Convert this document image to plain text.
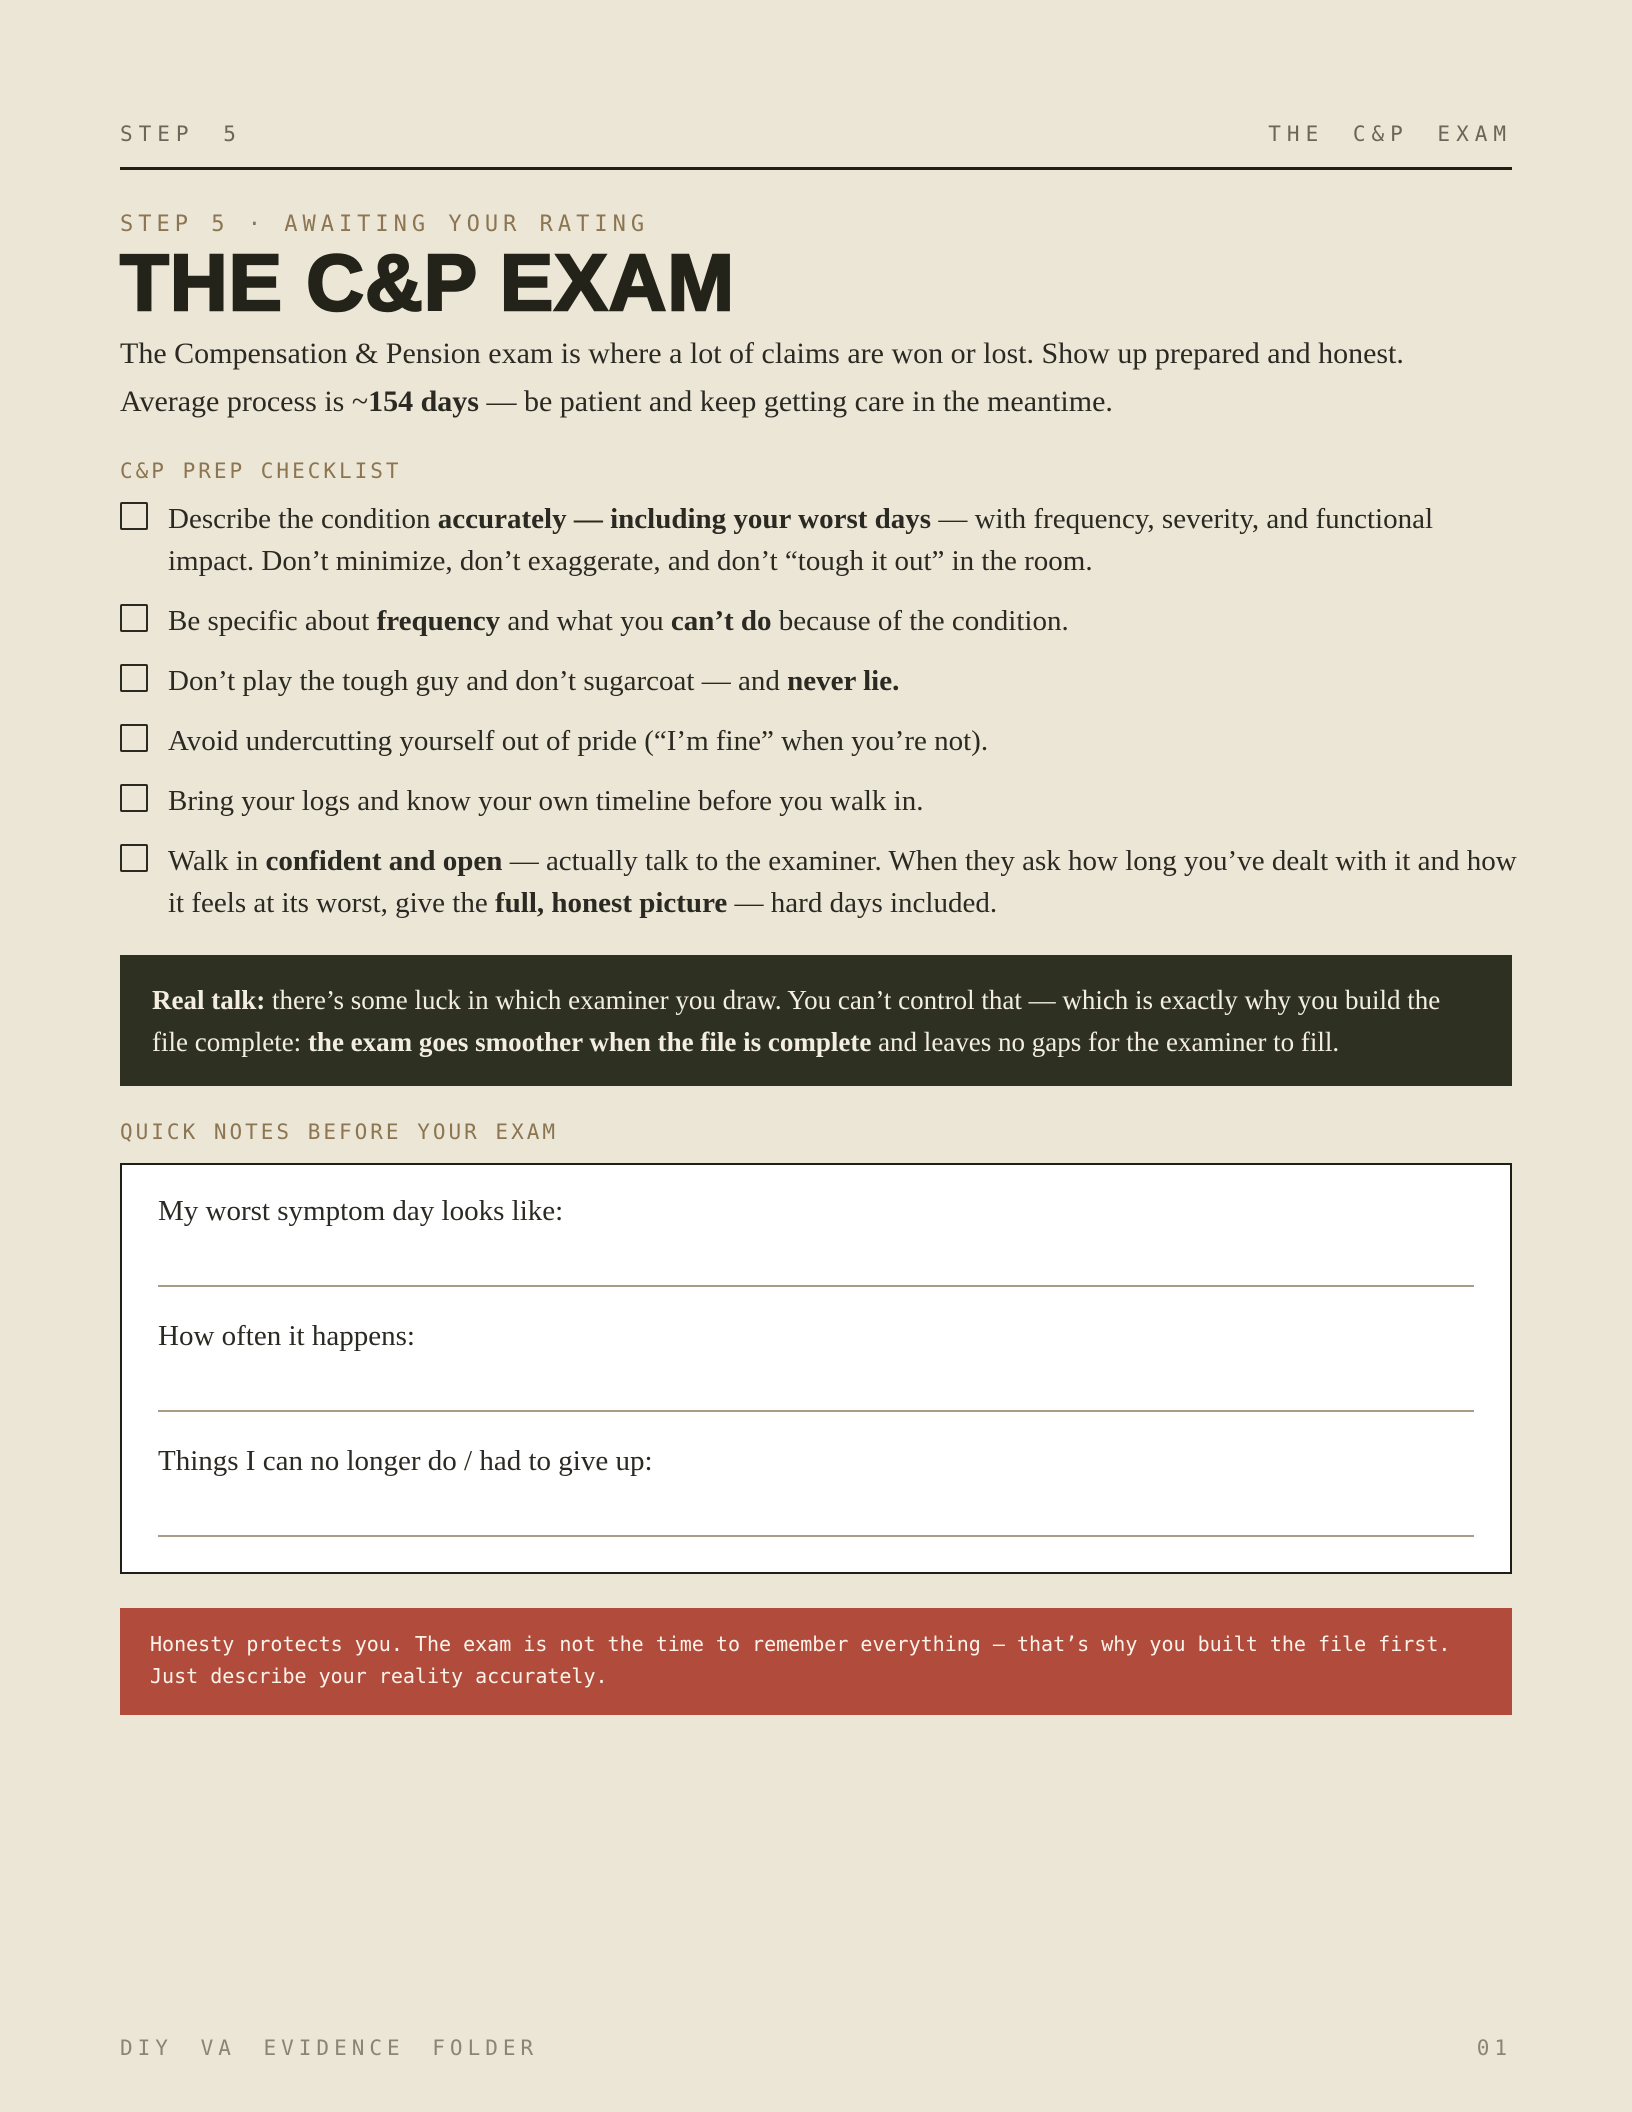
STEP 5	THE C&P EXAM
STEP 5 · AWAITING YOUR RATING
THE C&P EXAM

The Compensation & Pension exam is where a lot of claims are won or lost. Show up prepared and honest.
Average process is ~154 days — be patient and keep getting care in the meantime.

C&P PREP CHECKLIST
Describe the condition accurately — including your worst days — with frequency, severity, and functional impact. Don’t minimize, don’t exaggerate, and don’t “tough it out” in the room.
Be specific about frequency and what you can’t do because of the condition.
Don’t play the tough guy and don’t sugarcoat — and never lie.
Avoid undercutting yourself out of pride (“I’m fine” when you’re not).
Bring your logs and know your own timeline before you walk in.
Walk in confident and open — actually talk to the examiner. When they ask how long you’ve dealt with it and how it feels at its worst, give the full, honest picture — hard days included.
Real talk: there’s some luck in which examiner you draw. You can’t control that — which is exactly why you build the file complete: the exam goes smoother when the file is complete and leaves no gaps for the examiner to fill.
QUICK NOTES BEFORE YOUR EXAM
My worst symptom day looks like:
How often it happens:
Things I can no longer do / had to give up:
Honesty protects you. The exam is not the time to remember everything — that’s why you built the file first. Just describe your reality accurately.
DIY VA EVIDENCE FOLDER	01
